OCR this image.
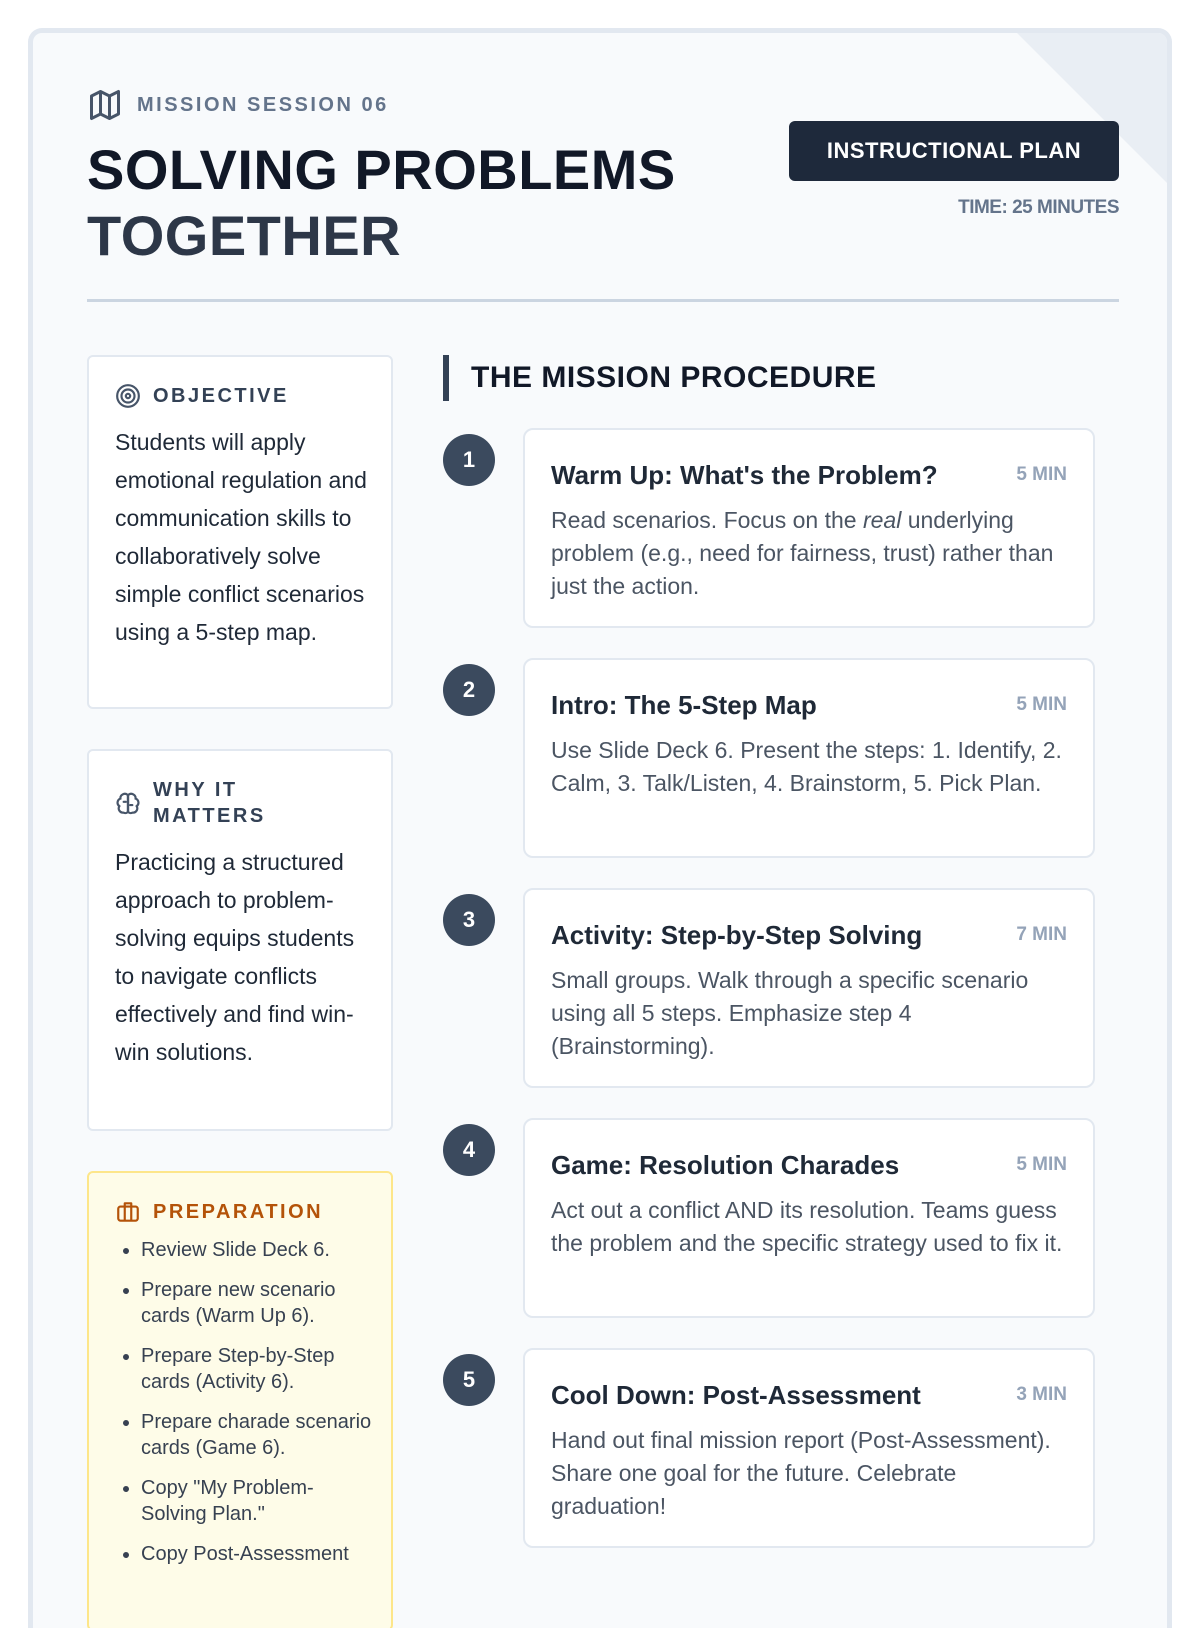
MISSION SESSION 06
SOLVING PROBLEMS
TOGETHER
INSTRUCTIONAL PLAN
TIME: 25 MINUTES
OBJECTIVE
Students will apply emotional regulation and communication skills to collaboratively solve simple conflict scenarios using a 5-step map.
WHY IT MATTERS
Practicing a structured approach to problem-solving equips students to navigate conflicts effectively and find win-win solutions.
PREPARATION
• Review Slide Deck 6.
• Prepare new scenario cards (Warm Up 6).
• Prepare Step-by-Step cards (Activity 6).
• Prepare charade scenario cards (Game 6).
• Copy "My Problem-Solving Plan."
• Copy Post-Assessment
THE MISSION PROCEDURE
1
Warm Up: What's the Problem?	5 MIN
Read scenarios. Focus on the real underlying problem (e.g., need for fairness, trust) rather than just the action.
2
Intro: The 5-Step Map	5 MIN
Use Slide Deck 6. Present the steps: 1. Identify, 2. Calm, 3. Talk/Listen, 4. Brainstorm, 5. Pick Plan.
3
Activity: Step-by-Step Solving	7 MIN
Small groups. Walk through a specific scenario using all 5 steps. Emphasize step 4 (Brainstorming).
4
Game: Resolution Charades	5 MIN
Act out a conflict AND its resolution. Teams guess the problem and the specific strategy used to fix it.
5
Cool Down: Post-Assessment	3 MIN
Hand out final mission report (Post-Assessment). Share one goal for the future. Celebrate graduation!
